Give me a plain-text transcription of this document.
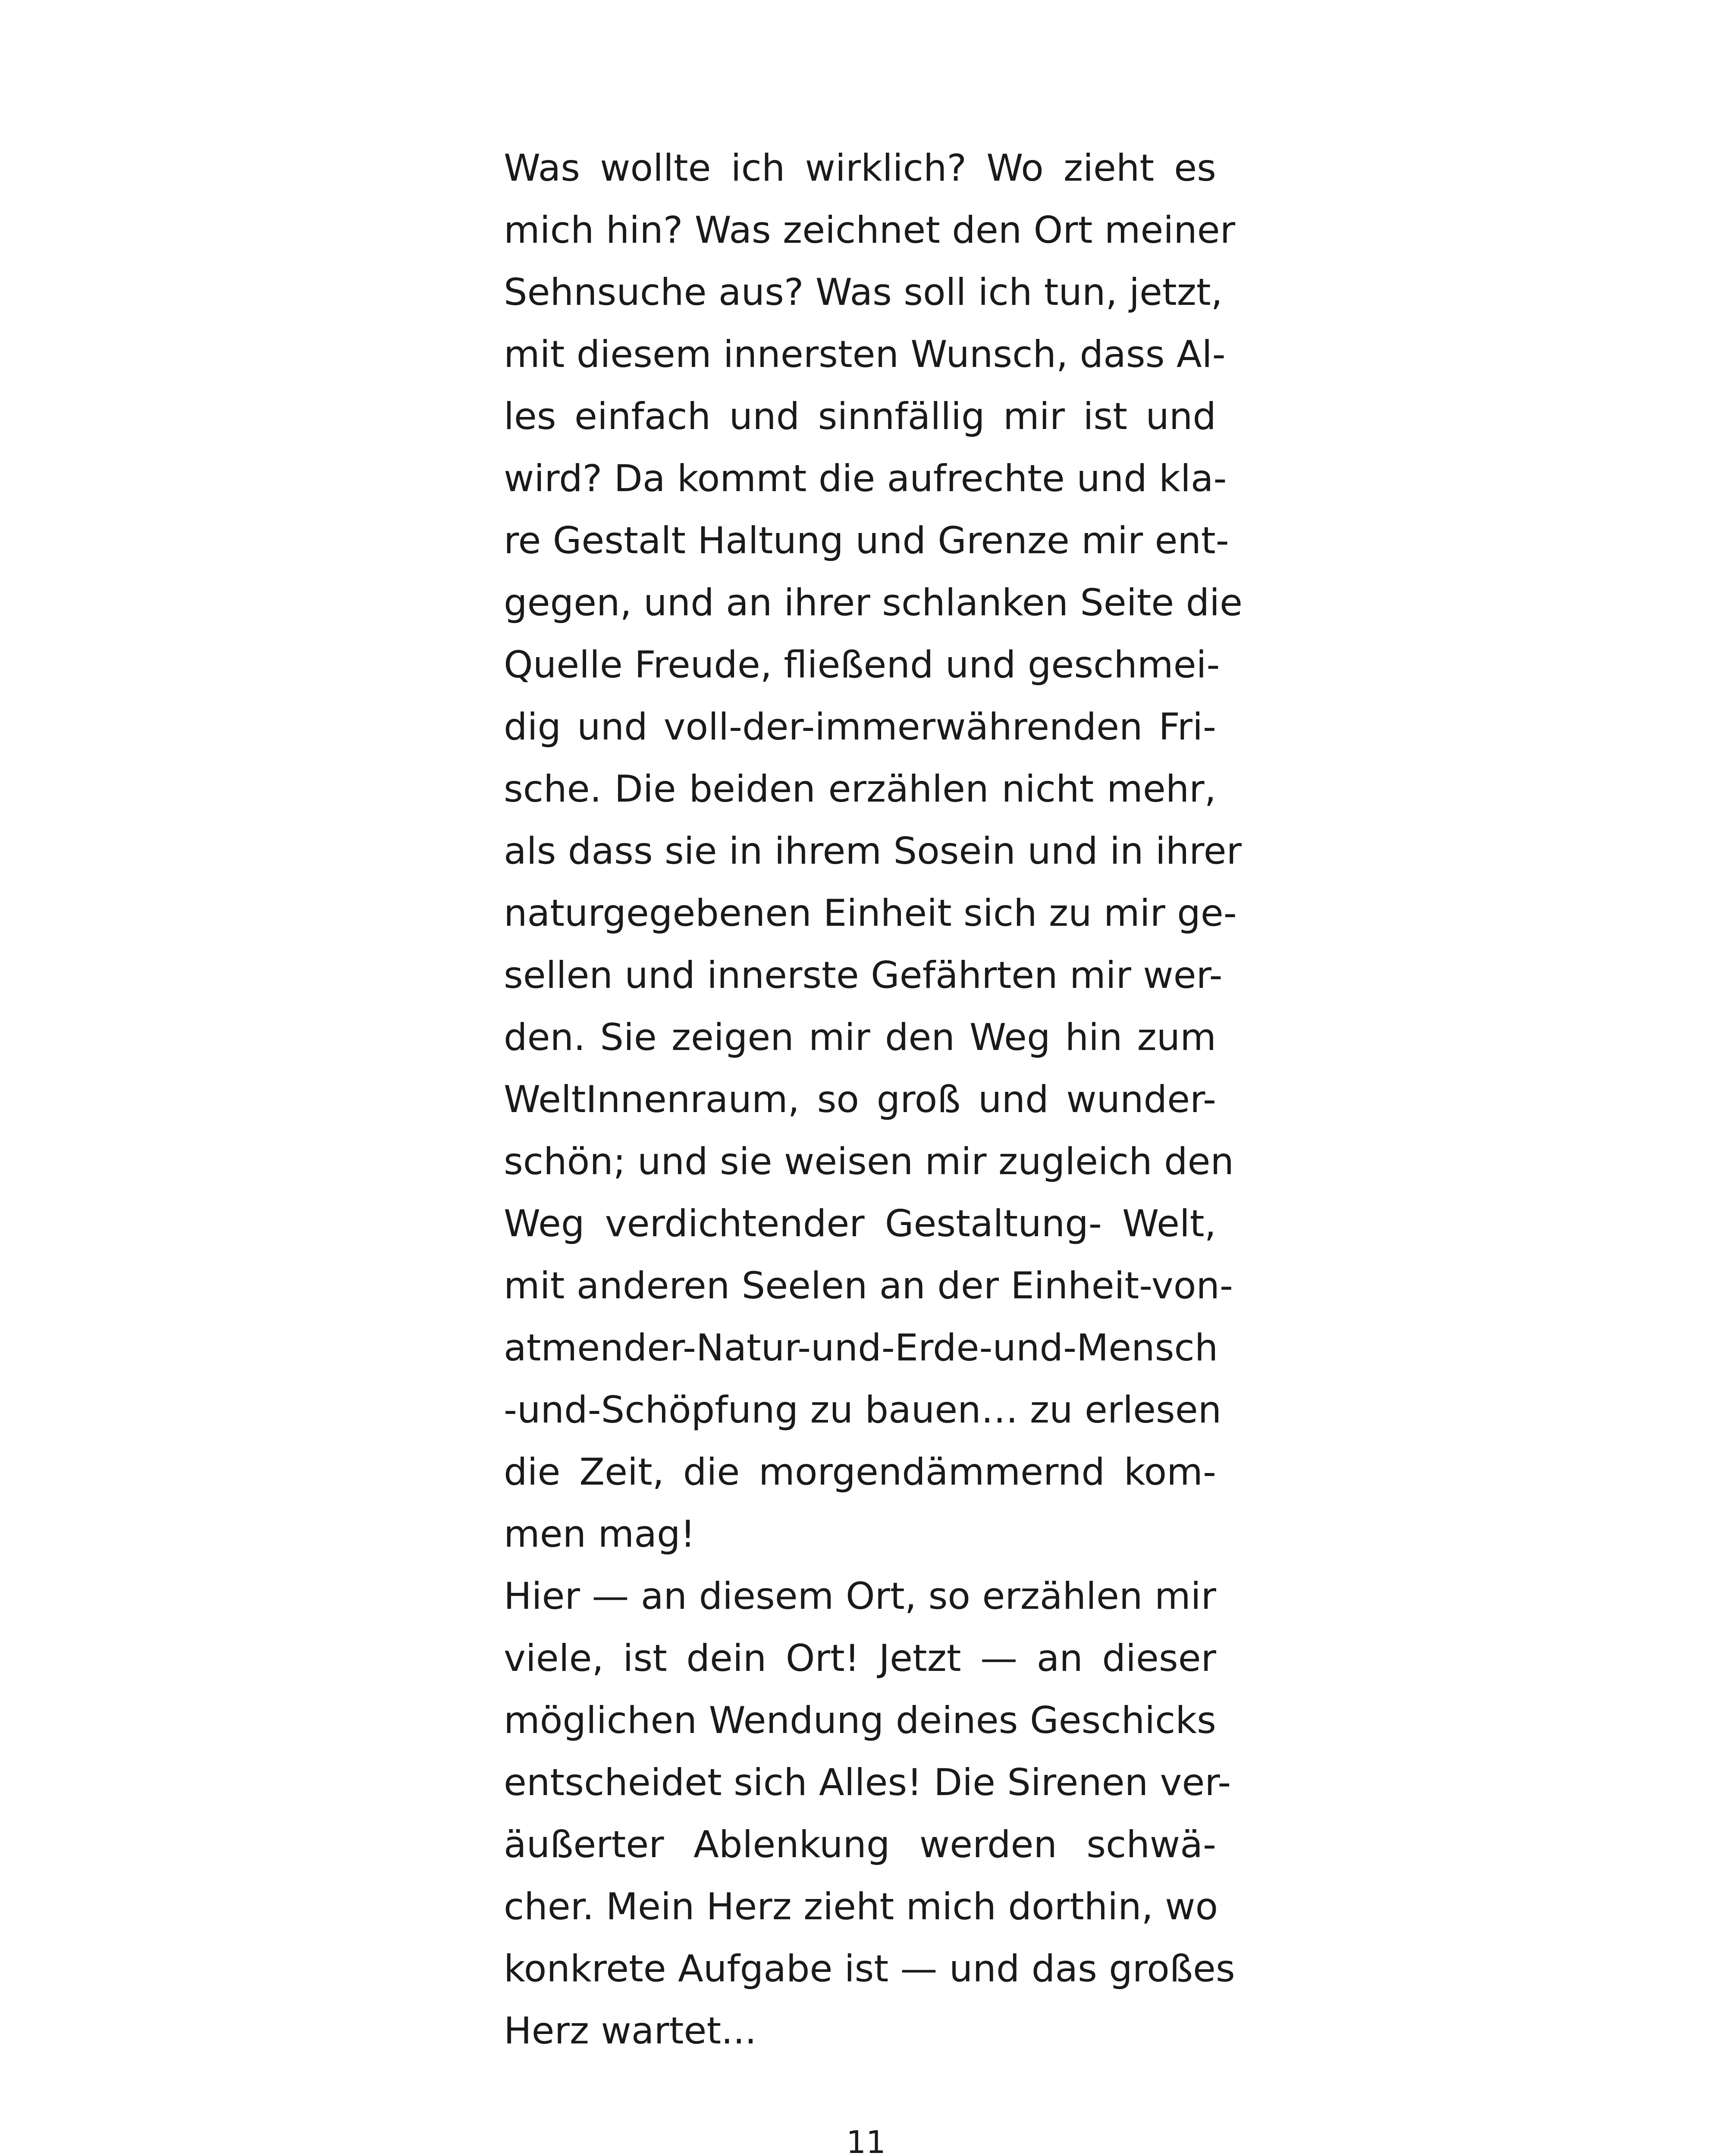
Was wollte ich wirklich? Wo zieht es
mich hin? Was zeichnet den Ort meiner
Sehnsuche aus? Was soll ich tun, jetzt,
mit diesem innersten Wunsch, dass Al-
les einfach und sinnfällig mir ist und
wird? Da kommt die aufrechte und kla-
re Gestalt Haltung und Grenze mir ent-
gegen, und an ihrer schlanken Seite die
Quelle Freude, fließend und geschmei-
dig und voll-der-immerwährenden Fri-
sche. Die beiden erzählen nicht mehr,
als dass sie in ihrem Sosein und in ihrer
naturgegebenen Einheit sich zu mir ge-
sellen und innerste Gefährten mir wer-
den. Sie zeigen mir den Weg hin zum
WeltInnenraum, so groß und wunder-
schön; und sie weisen mir zugleich den
Weg verdichtender Gestaltung- Welt,
mit anderen Seelen an der Einheit-von-
atmender-Natur-und-Erde-und-Mensch
-und-Schöpfung zu bauen… zu erlesen
die Zeit, die morgendämmernd kom-
men mag!
Hier — an diesem Ort, so erzählen mir
viele, ist dein Ort! Jetzt — an dieser
möglichen Wendung deines Geschicks
entscheidet sich Alles! Die Sirenen ver-
äußerter Ablenkung werden schwä-
cher. Mein Herz zieht mich dorthin, wo
konkrete Aufgabe ist — und das großes
Herz wartet...
11
